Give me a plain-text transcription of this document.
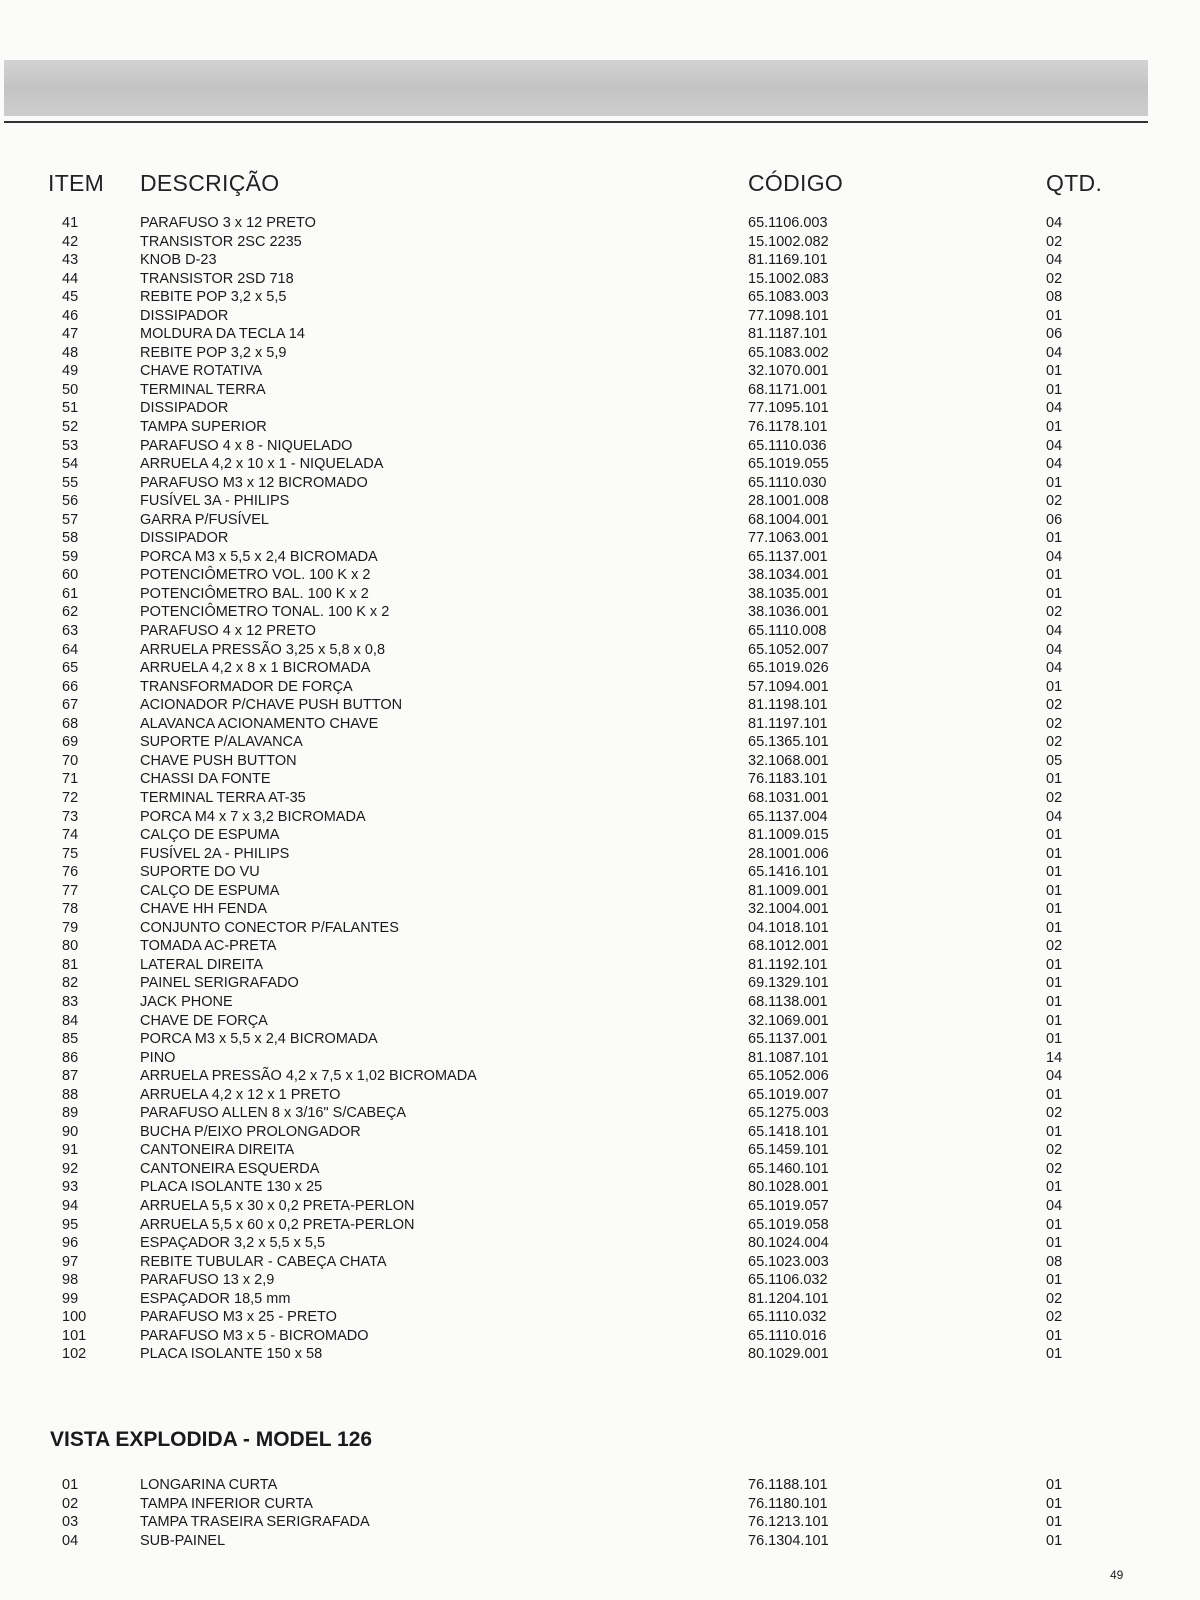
ITEM DESCRIÇÃO	CÓDIGO	QTD.
41	PARAFUSO 3 x 12 PRETO	65.1106.003	04
42	TRANSISTOR 2SC 2235	15.1002.082	02
43	KNOB D-23	81.1169.101	04
44	TRANSISTOR 2SD 718	15.1002.083	02
45	REBITE POP 3,2 x 5,5	65.1083.003	08
46	DISSIPADOR	77.1098.101	01
47	MOLDURA DA TECLA 14	81.1187.101	06
48	REBITE POP 3,2 x 5,9	65.1083.002	04
49	CHAVE ROTATIVA	32.1070.001	01
50	TERMINAL TERRA	68.1171.001	01
51	DISSIPADOR	77.1095.101	04
52	TAMPA SUPERIOR	76.1178.101	01
53	PARAFUSO 4 x 8 - NIQUELADO	65.1110.036	04
54	ARRUELA 4,2 x 10 x 1 - NIQUELADA	65.1019.055	04
55	PARAFUSO M3 x 12 BICROMADO	65.1110.030	01
56	FUSÍVEL 3A - PHILIPS	28.1001.008	02
57	GARRA P/FUSÍVEL	68.1004.001	06
58	DISSIPADOR	77.1063.001	01
59	PORCA M3 x 5,5 x 2,4 BICROMADA	65.1137.001	04
60	POTENCIÔMETRO VOL. 100 K x 2	38.1034.001	01
61	POTENCIÔMETRO BAL. 100 K x 2	38.1035.001	01
62	POTENCIÔMETRO TONAL. 100 K x 2	38.1036.001	02
63	PARAFUSO 4 x 12 PRETO	65.1110.008	04
64	ARRUELA PRESSÃO 3,25 x 5,8 x 0,8	65.1052.007	04
65	ARRUELA 4,2 x 8 x 1 BICROMADA	65.1019.026	04
66	TRANSFORMADOR DE FORÇA	57.1094.001	01
67	ACIONADOR P/CHAVE PUSH BUTTON	81.1198.101	02
68	ALAVANCA ACIONAMENTO CHAVE	81.1197.101	02
69	SUPORTE P/ALAVANCA	65.1365.101	02
70	CHAVE PUSH BUTTON	32.1068.001	05
71	CHASSI DA FONTE	76.1183.101	01
72	TERMINAL TERRA AT-35	68.1031.001	02
73	PORCA M4 x 7 x 3,2 BICROMADA	65.1137.004	04
74	CALÇO DE ESPUMA	81.1009.015	01
75	FUSÍVEL 2A - PHILIPS	28.1001.006	01
76	SUPORTE DO VU	65.1416.101	01
77	CALÇO DE ESPUMA	81.1009.001	01
78	CHAVE HH FENDA	32.1004.001	01
79	CONJUNTO CONECTOR P/FALANTES	04.1018.101	01
80	TOMADA AC-PRETA	68.1012.001	02
81	LATERAL DIREITA	81.1192.101	01
82	PAINEL SERIGRAFADO	69.1329.101	01
83	JACK PHONE	68.1138.001	01
84	CHAVE DE FORÇA	32.1069.001	01
85	PORCA M3 x 5,5 x 2,4 BICROMADA	65.1137.001	01
86	PINO	81.1087.101	14
87	ARRUELA PRESSÃO 4,2 x 7,5 x 1,02 BICROMADA	65.1052.006	04
88	ARRUELA 4,2 x 12 x 1 PRETO	65.1019.007	01
89	PARAFUSO ALLEN 8 x 3/16" S/CABEÇA	65.1275.003	02
90	BUCHA P/EIXO PROLONGADOR	65.1418.101	01
91	CANTONEIRA DIREITA	65.1459.101	02
92	CANTONEIRA ESQUERDA	65.1460.101	02
93	PLACA ISOLANTE 130 x 25	80.1028.001	01
94	ARRUELA 5,5 x 30 x 0,2 PRETA-PERLON	65.1019.057	04
95	ARRUELA 5,5 x 60 x 0,2 PRETA-PERLON	65.1019.058	01
96	ESPAÇADOR 3,2 x 5,5 x 5,5	80.1024.004	01
97	REBITE TUBULAR - CABEÇA CHATA	65.1023.003	08
98	PARAFUSO 13 x 2,9	65.1106.032	01
99	ESPAÇADOR 18,5 mm	81.1204.101	02
100	PARAFUSO M3 x 25 - PRETO	65.1110.032	02
101	PARAFUSO M3 x 5 - BICROMADO	65.1110.016	01
102	PLACA ISOLANTE 150 x 58	80.1029.001	01
VISTA EXPLODIDA - MODEL 126
01	LONGARINA CURTA	76.1188.101	01
02	TAMPA INFERIOR CURTA	76.1180.101	01
03	TAMPA TRASEIRA SERIGRAFADA	76.1213.101	01
04	SUB-PAINEL	76.1304.101	01
49
